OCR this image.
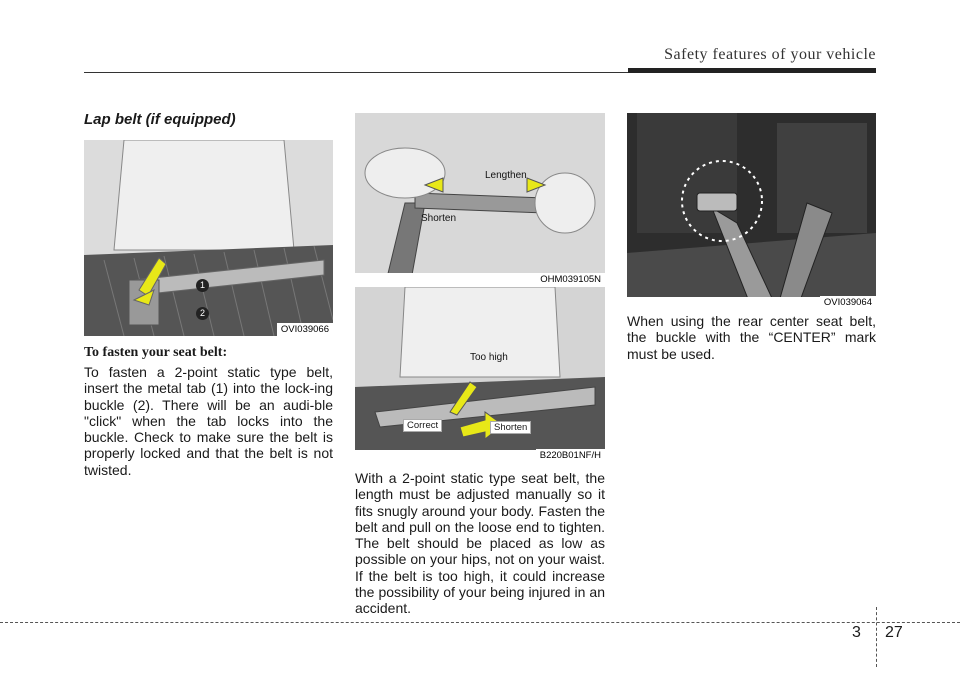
Safety features of your vehicle
Lap belt (if equipped)
1
2
OVI039066
To fasten your seat belt:
To fasten a 2-point static type belt, insert the metal tab (1) into the lock-ing buckle (2). There will be an audi-ble "click" when the tab locks into the buckle. Check to make sure the belt is properly locked and that the belt is not twisted.
Lengthen
Shorten
OHM039105N
Too high
Correct	Shorten
B220B01NF/H
With a 2-point static type seat belt, the length must be adjusted manually so it fits snugly around your body. Fasten the belt and pull on the loose end to tighten. The belt should be placed as low as possible on your hips, not on your waist. If the belt is too high, it could increase the possibility of your being injured in an accident.
OVI039064
When using the rear center seat belt, the buckle with the “CENTER” mark must be used.
3 27
